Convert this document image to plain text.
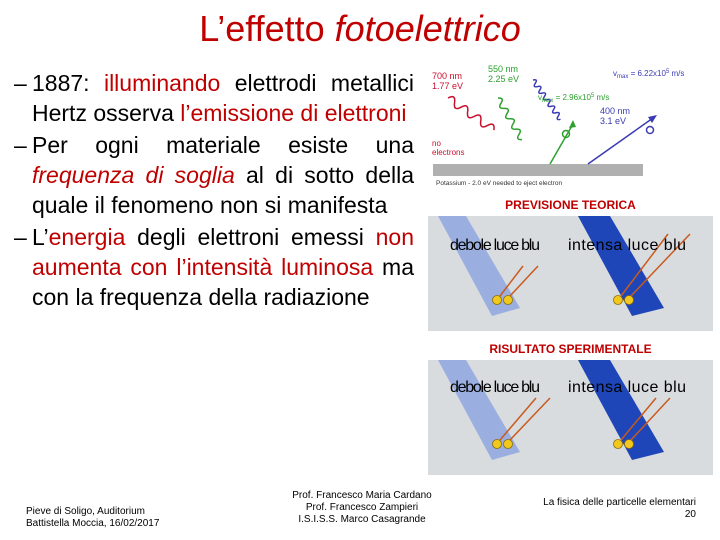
L’effetto fotoelettrico
– 1887: illuminando elettrodi metallici Hertz osserva l’emissione di elettroni
– Per ogni materiale esiste una frequenza di soglia al di sotto della quale il fenomeno non si manifesta
– L’energia degli elettroni emessi non aumenta con l’intensità luminosa ma con la frequenza della radiazione
700 nm
1.77 eV
550 nm
2.25 eV
400 nm
3.1 eV
$v_{max} = 2.96x10^5$ m/s
$v_{max} = 6.22x10^5$ m/s
no
electrons
Potassium - 2.0 eV needed to eject electron
PREVISIONE TEORICA
debole luce blu intensa luce blu
RISULTATO SPERIMENTALE
debole luce blu intensa luce blu
Pieve di Soligo, Auditorium
Battistella Moccia, 16/02/2017
Prof. Francesco Maria Cardano
Prof. Francesco Zampieri
I.S.I.S.S. Marco Casagrande
La fisica delle particelle elementari
20
